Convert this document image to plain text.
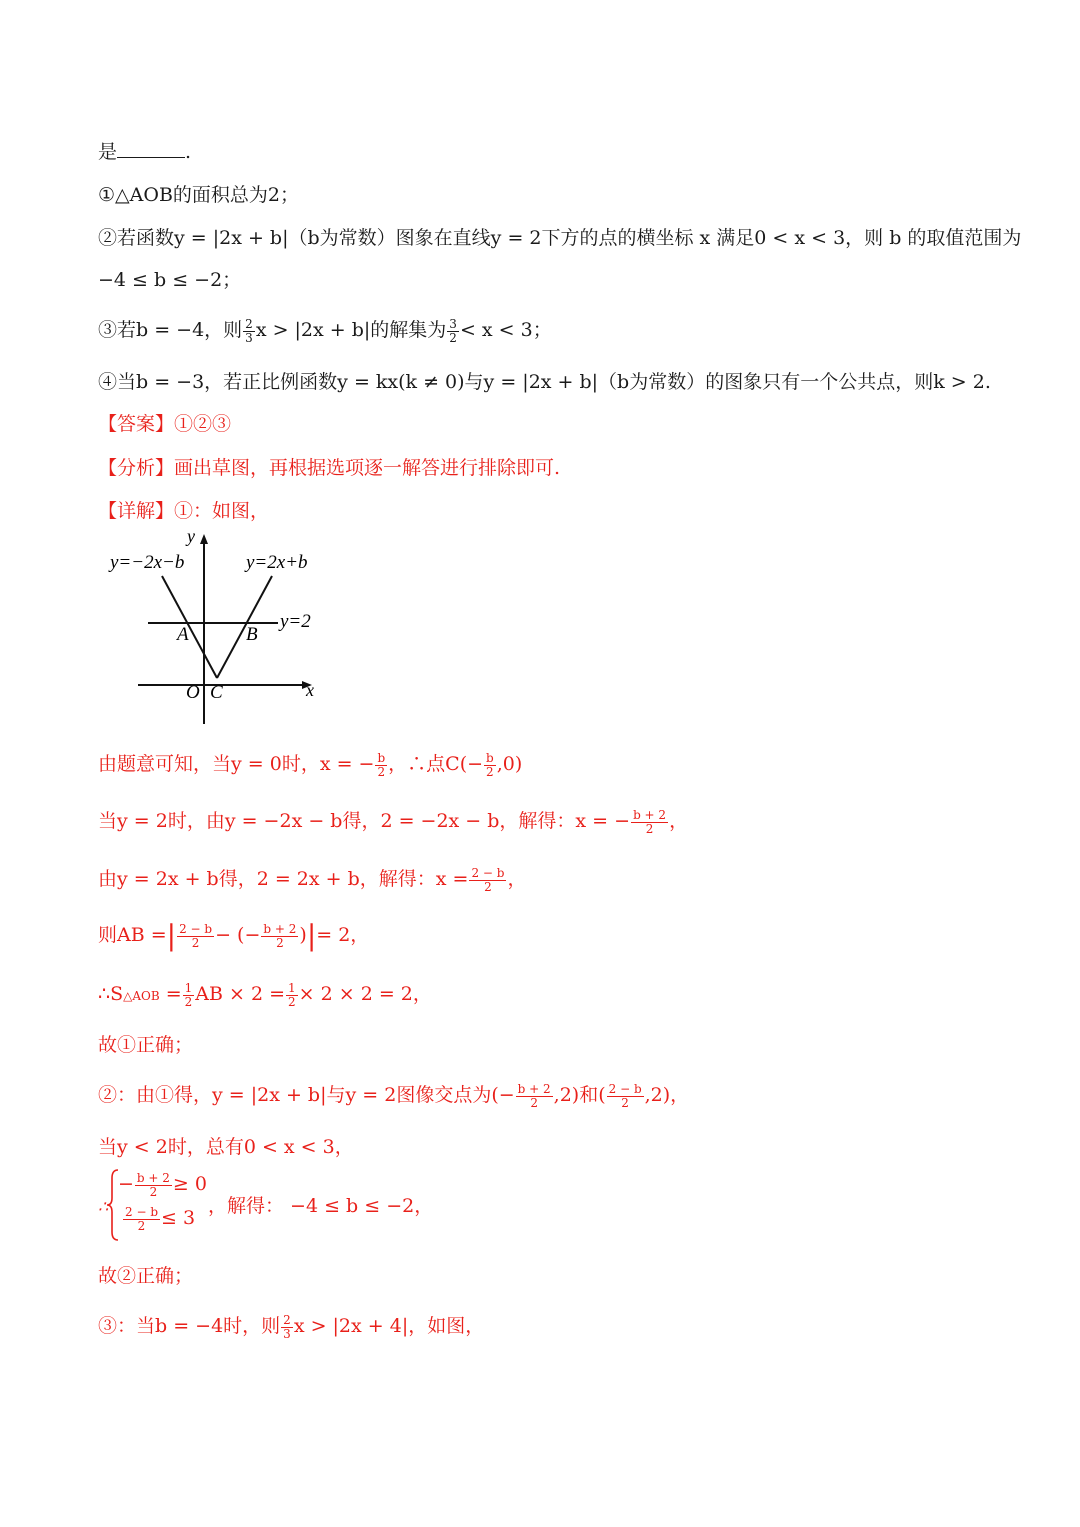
是	.
①△AOB的面积总为2；
②若函数y = |2x + b|（b为常数）图象在直线y = 2下方的点的横坐标 x 满足0 < x < 3，则 b 的取值范围为
−4 ≤ b ≤ −2；
③若b = −4，则 $\frac{2}{3}$ x > |2x + b|的解集为 $\frac{3}{2} < x < 3$；
④当b = −3，若正比例函数y = kx(k ≠ 0)与y = |2x + b|（b为常数）的图象只有一个公共点，则k > 2.
【答案】①②③
【分析】画出草图，再根据选项逐一解答进行排除即可.
【详解】①：如图，
y
x
y=−2x−b	y=2x+b
y=2
A	B
O C
由题意可知，当y = 0时，x = − $\frac{b}{2}$ ，∴点$C(- \frac{b}{2} ,0)$
当y = 2时，由y = −2x − b得，2 = −2x − b，解得：x = − $\frac{b + 2}{2}$ ，
由y = 2x + b得，2 = 2x + b，解得：$x = \frac{2 - b}{2}$ ，
则AB =| $\frac{2 - b}{2}$ − (− $\frac{b + 2}{2}$ )|= 2，
∴S△AOB = $\frac{1}{2}$ AB × $2 = \frac{1}{2} \times 2 \times 2 = 2$，
故①正确；
②：由①得，y = |2x + b|与y = 2图像交点为(− $\frac{b + 2}{2} ,2$)和( $\frac{2 - b}{2} ,2$)，
当y < 2时，总有0 < x < 3，
∴
− $\frac{b + 2}{2} \ge 0$
$\frac{2 - b}{2} \le 3$
，解得： −4 ≤ b ≤ −2，
故②正确；
③：当b = −4时，则 $\frac{2}{3}$ x > |2x + 4|，如图，
